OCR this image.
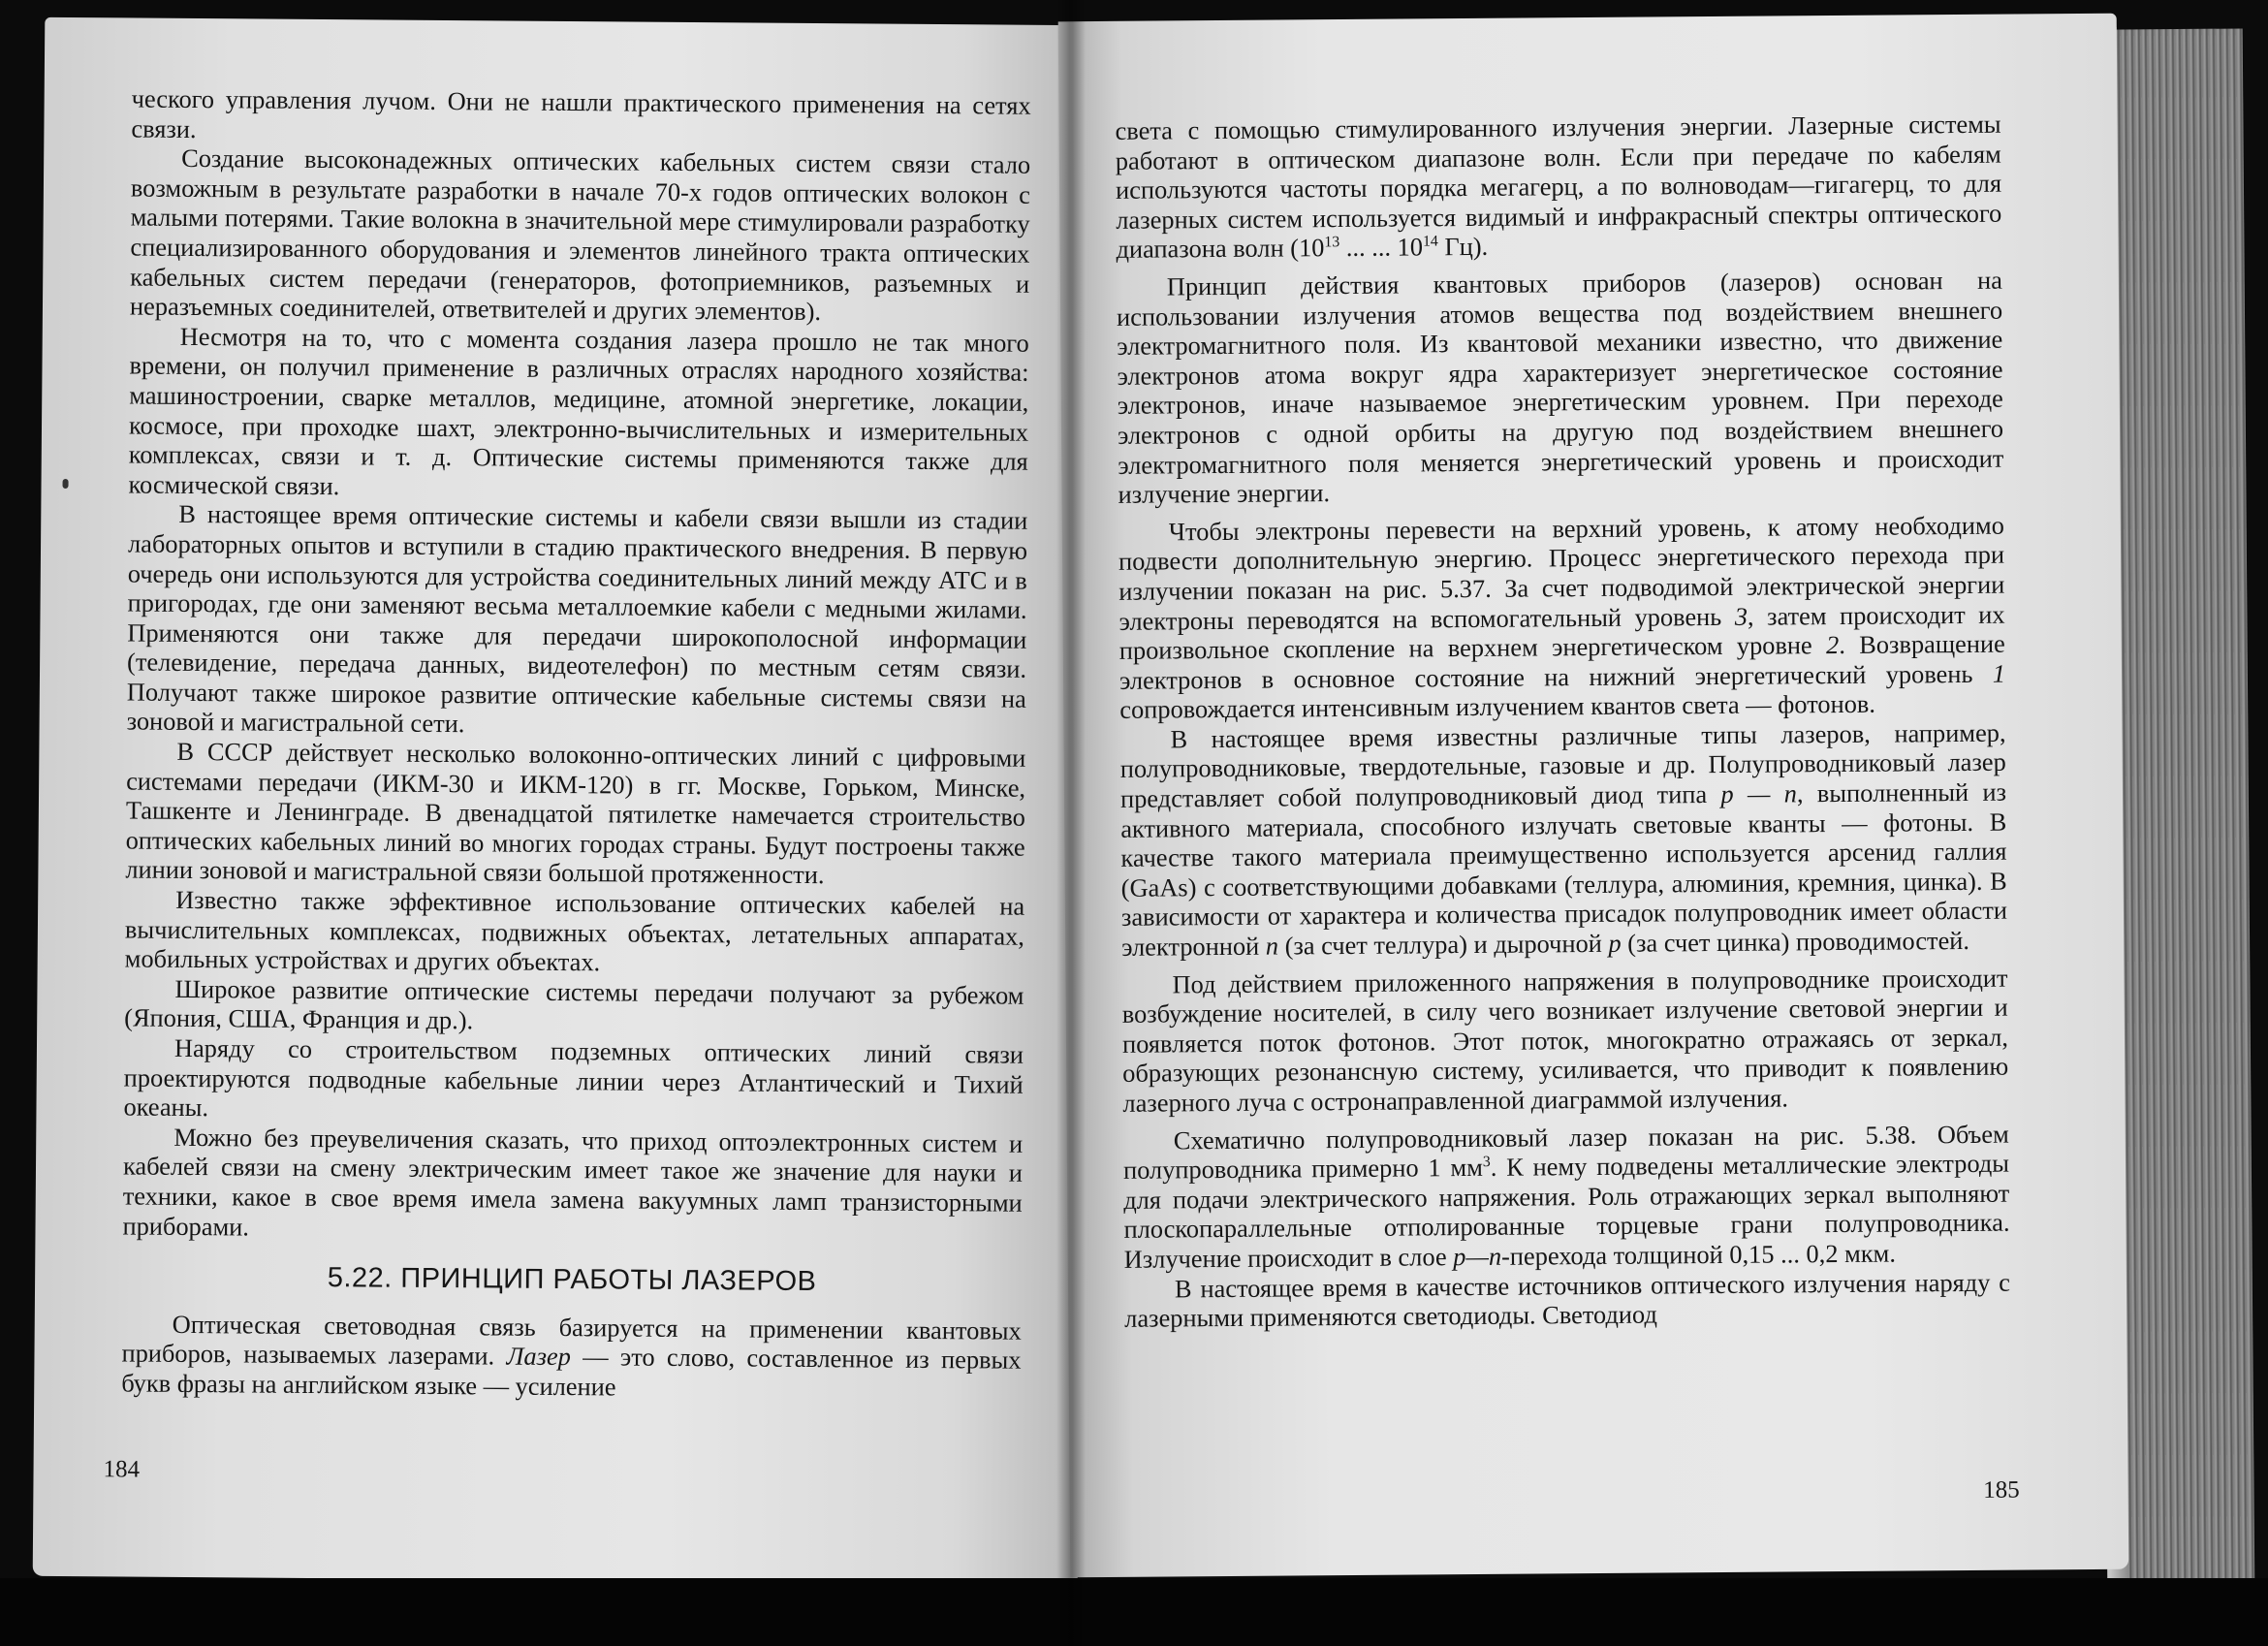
ческого управления лучом. Они не нашли практического применения на сетях связи.

Создание высоконадежных оптических кабельных систем связи стало возможным в результате разработки в начале 70-х годов оптических волокон с малыми потерями. Такие волокна в значительной мере стимулировали разработку специализированного оборудования и элементов линейного тракта оптических кабельных систем передачи (генераторов, фотоприемников, разъемных и неразъемных соединителей, ответвителей и других элементов).

Несмотря на то, что с момента создания лазера прошло не так много времени, он получил применение в различных отраслях народного хозяйства: машиностроении, сварке металлов, медицине, атомной энергетике, локации, космосе, при проходке шахт, электронно-вычислительных и измерительных комплексах, связи и т. д. Оптические системы применяются также для космической связи.

В настоящее время оптические системы и кабели связи вышли из стадии лабораторных опытов и вступили в стадию практического внедрения. В первую очередь они используются для устройства соединительных линий между АТС и в пригородах, где они заменяют весьма металлоемкие кабели с медными жилами. Применяются они также для передачи широкополосной информации (телевидение, передача данных, видеотелефон) по местным сетям связи. Получают также широкое развитие оптические кабельные системы связи на зоновой и магистральной сети.

В СССР действует несколько волоконно-оптических линий с цифровыми системами передачи (ИКМ-30 и ИКМ-120) в гг. Москве, Горьком, Минске, Ташкенте и Ленинграде. В двенадцатой пятилетке намечается строительство оптических кабельных линий во многих городах страны. Будут построены также линии зоновой и магистральной связи большой протяженности.

Известно также эффективное использование оптических кабелей на вычислительных комплексах, подвижных объектах, летательных аппаратах, мобильных устройствах и других объектах.

Широкое развитие оптические системы передачи получают за рубежом (Япония, США, Франция и др.).

Наряду со строительством подземных оптических линий связи проектируются подводные кабельные линии через Атлантический и Тихий океаны.

Можно без преувеличения сказать, что приход оптоэлектронных систем и кабелей связи на смену электрическим имеет такое же значение для науки и техники, какое в свое время имела замена вакуумных ламп транзисторными приборами.

5.22. ПРИНЦИП РАБОТЫ ЛАЗЕРОВ

Оптическая световодная связь базируется на применении квантовых приборов, называемых лазерами. Лазер — это слово, составленное из первых букв фразы на английском языке — усиление

184

света с помощью стимулированного излучения энергии. Лазерные системы работают в оптическом диапазоне волн. Если при передаче по кабелям используются частоты порядка мегагерц, а по волноводам—гигагерц, то для лазерных систем используется видимый и инфракрасный спектры оптического диапазона волн ($10^{13}$ ... ... $10^{14}$ Гц).

Принцип действия квантовых приборов (лазеров) основан на использовании излучения атомов вещества под воздействием внешнего электромагнитного поля. Из квантовой механики известно, что движение электронов атома вокруг ядра характеризует энергетическое состояние электронов, иначе называемое энергетическим уровнем. При переходе электронов с одной орбиты на другую под воздействием внешнего электромагнитного поля меняется энергетический уровень и происходит излучение энергии.

Чтобы электроны перевести на верхний уровень, к атому необходимо подвести дополнительную энергию. Процесс энергетического перехода при излучении показан на рис. 5.37. За счет подводимой электрической энергии электроны переводятся на вспомогательный уровень 3, затем происходит их произвольное скопление на верхнем энергетическом уровне 2. Возвращение электронов в основное состояние на нижний энергетический уровень 1 сопровождается интенсивным излучением квантов света — фотонов.

В настоящее время известны различные типы лазеров, например, полупроводниковые, твердотельные, газовые и др. Полупроводниковый лазер представляет собой полупроводниковый диод типа р — п, выполненный из активного материала, способного излучать световые кванты — фотоны. В качестве такого материала преимущественно используется арсенид галлия (GaAs) с соответствующими добавками (теллура, алюминия, кремния, цинка). В зависимости от характера и количества присадок полупроводник имеет области электронной п (за счет теллура) и дырочной р (за счет цинка) проводимостей.

Под действием приложенного напряжения в полупроводнике происходит возбуждение носителей, в силу чего возникает излучение световой энергии и появляется поток фотонов. Этот поток, многократно отражаясь от зеркал, образующих резонансную систему, усиливается, что приводит к появлению лазерного луча с остронаправленной диаграммой излучения.

Схематично полупроводниковый лазер показан на рис. 5.38. Объем полупроводника примерно 1 $мм^3$. К нему подведены металлические электроды для подачи электрического напряжения. Роль отражающих зеркал выполняют плоскопараллельные отполированные торцевые грани полупроводника. Излучение происходит в слое р—п-перехода толщиной 0,15 ... 0,2 мкм.

В настоящее время в качестве источников оптического излучения наряду с лазерными применяются светодиоды. Светодиод

185
